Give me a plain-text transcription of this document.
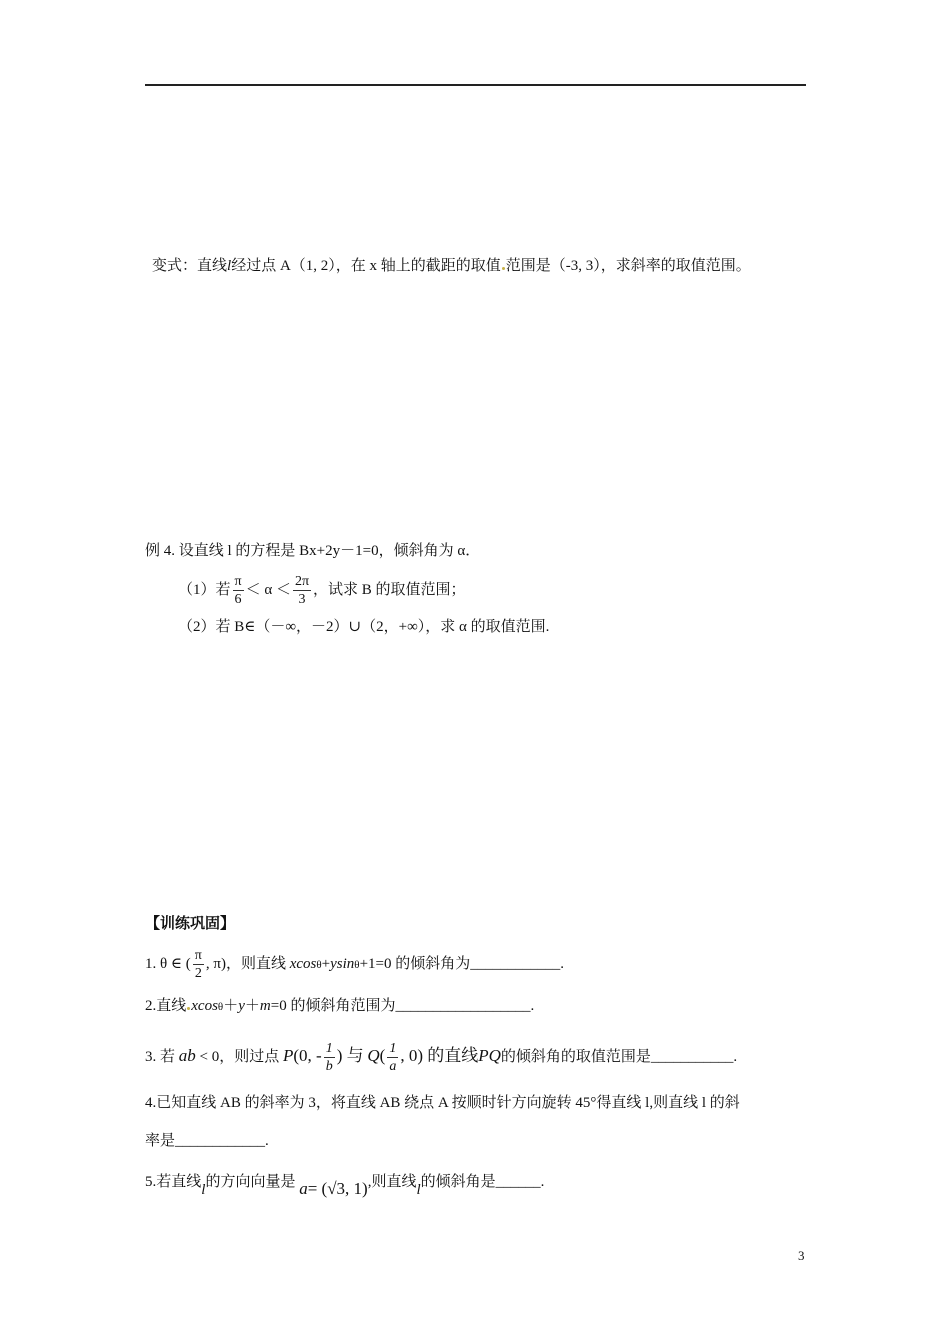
变式：直线l经过点 A（1, 2），在 x 轴上的截距的取值 范围是（-3, 3），求斜率的取值范围。
例 4. 设直线 l 的方程是 Bx+2y－1=0，倾斜角为 α．
（1）若 $\frac{\pi}{6} < \alpha < \frac{2\pi}{3}$ ，试求 B 的取值范围；
（2）若 B∈（－∞，－2）∪（2，+∞），求 α 的取值范围.
【训练巩固】
1. θ ∈ ( $\frac{\pi}{2}$ , π)，则直线 xcosθ+ysinθ+1=0 的倾斜角为____________.
2.直线 xcosθ＋y＋m=0 的倾斜角范围为__________________.
3. 若 ab < 0，则过点 P(0, - $\frac{1}{b}$ ) 与 $Q( \frac{1}{a}$ , 0) 的直线PQ的倾斜角的取值范围是___________.
4.已知直线 AB 的斜率为 3，将直线 AB 绕点 A 按顺时针方向旋转 45°得直线 l,则直线 l 的斜
率是____________.
5.若直线l的方向向量是 a= (√3, 1),则直线l的倾斜角是______.
3
